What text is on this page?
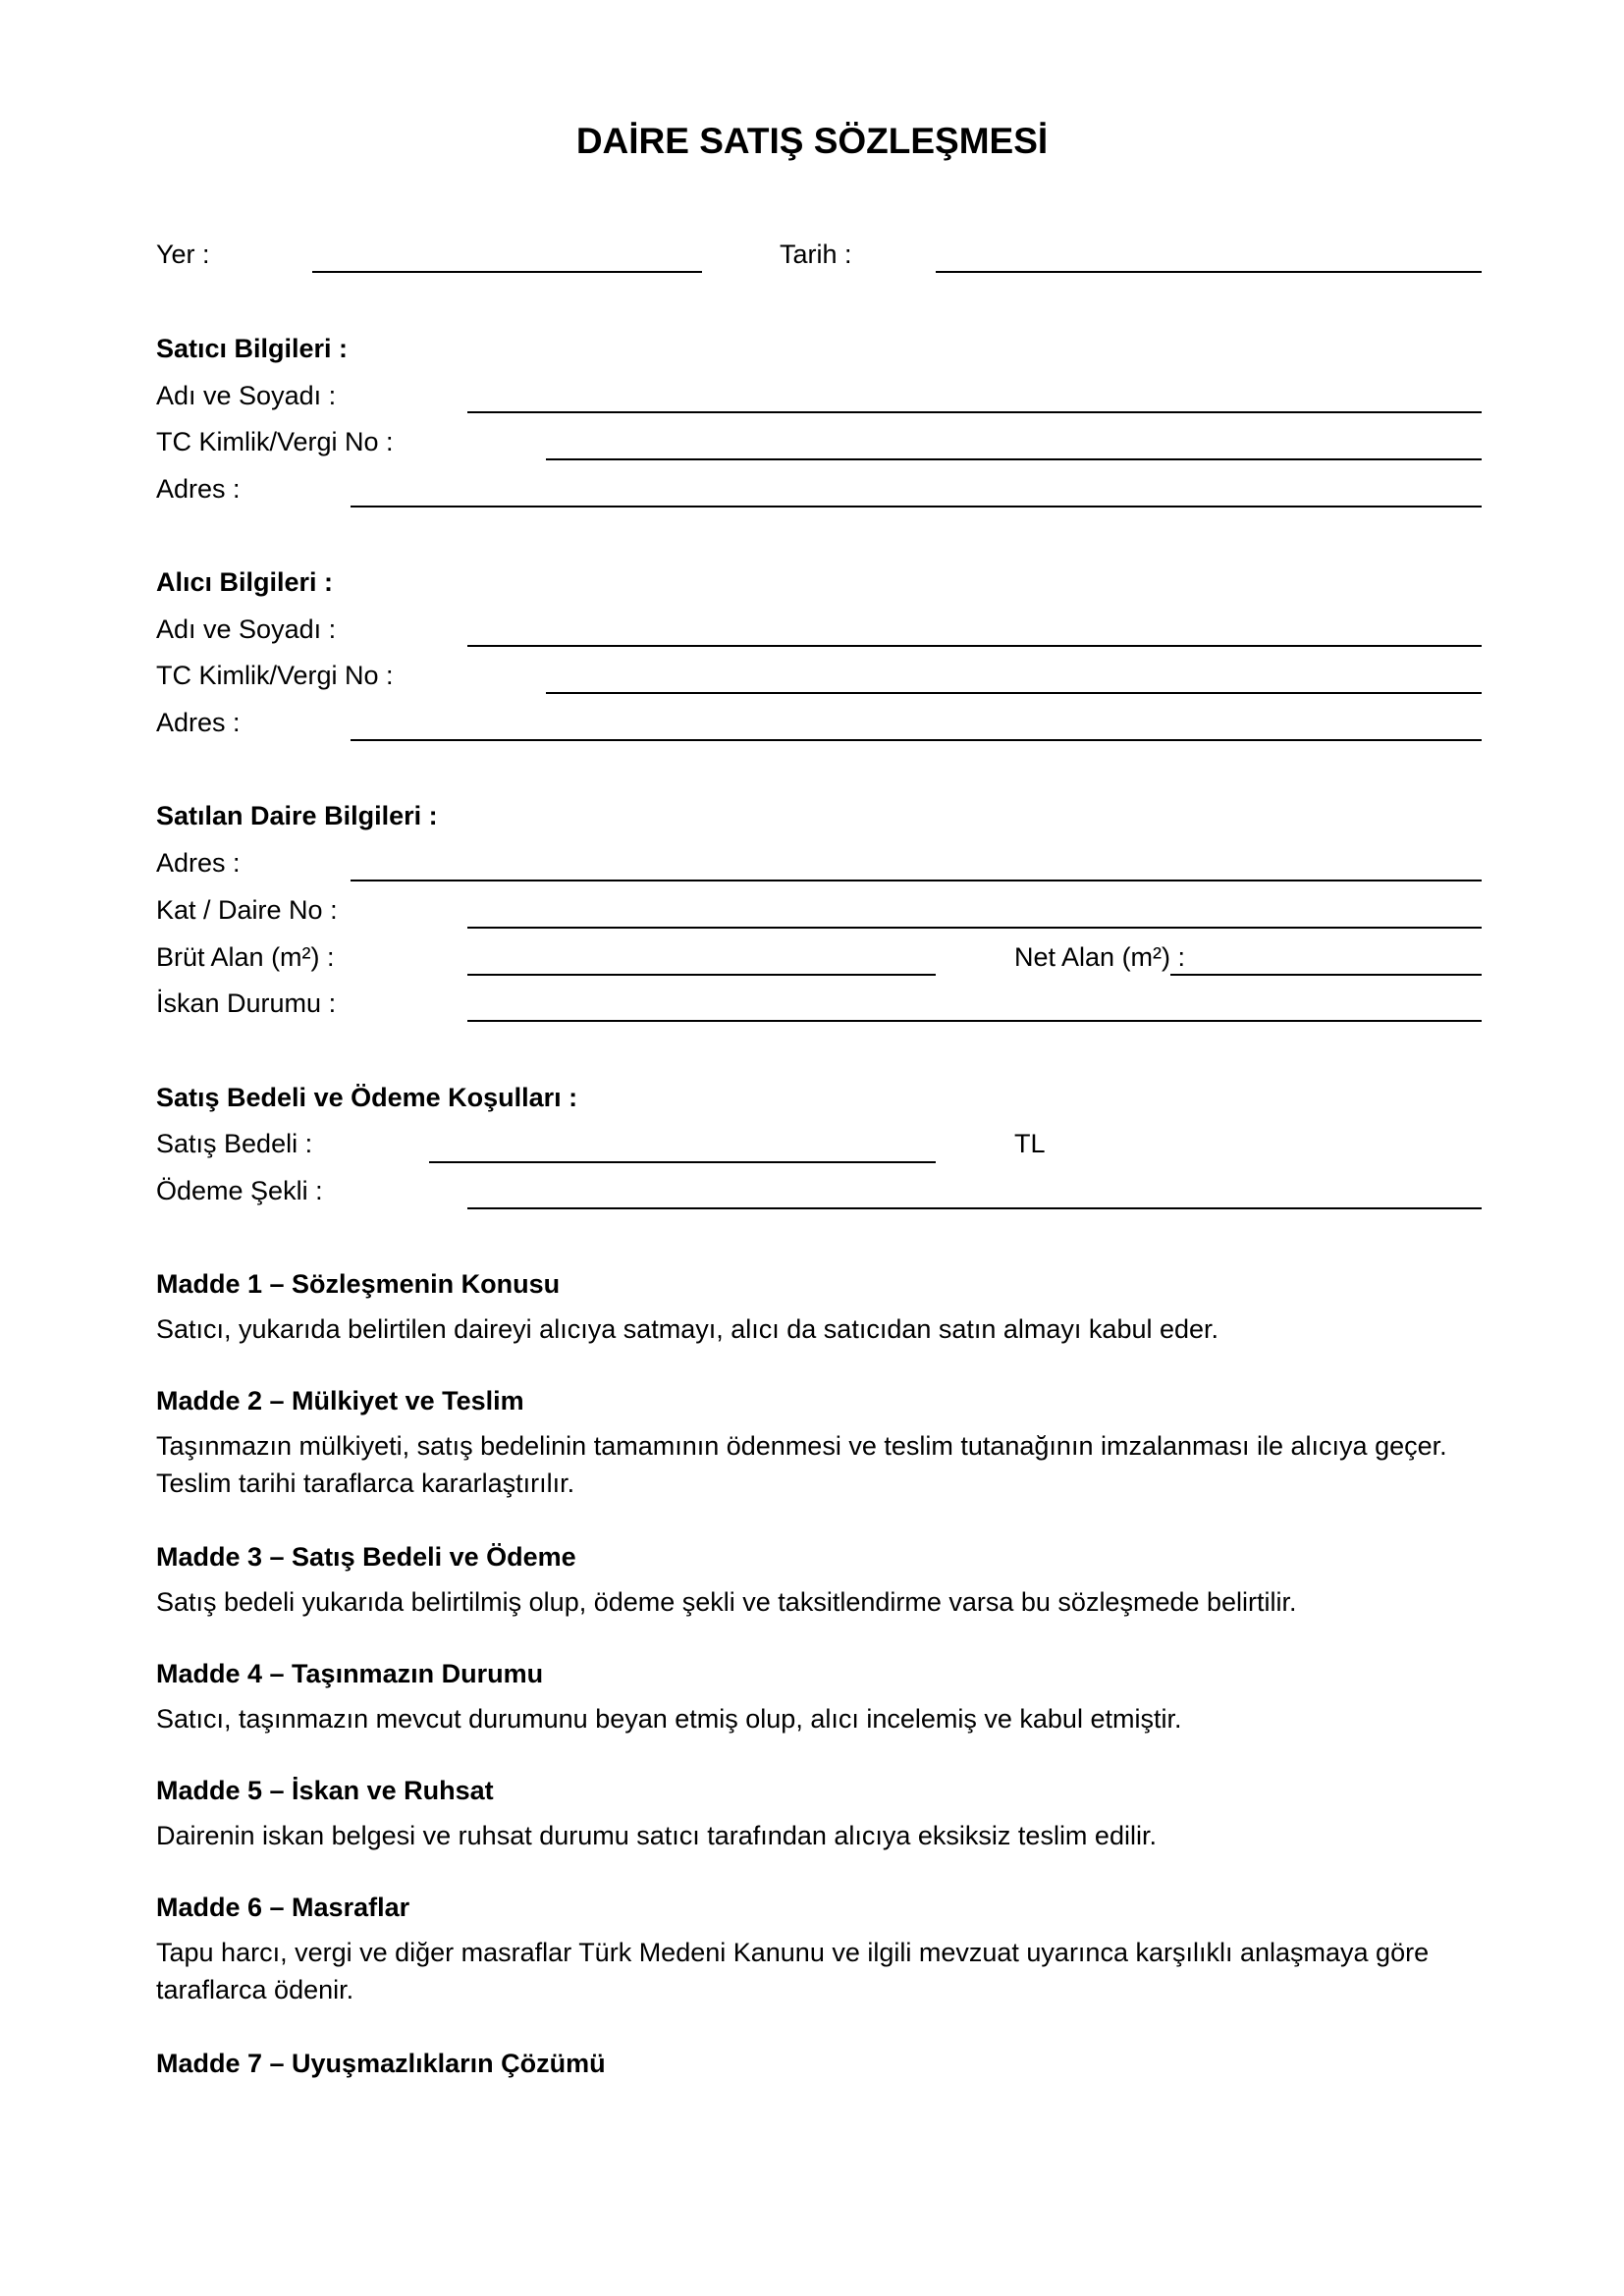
DAİRE SATIŞ SÖZLEŞMESİ
Yer :	Tarih :
Satıcı Bilgileri :
Adı ve Soyadı :
TC Kimlik/Vergi No :
Adres :
Alıcı Bilgileri :
Adı ve Soyadı :
TC Kimlik/Vergi No :
Adres :
Satılan Daire Bilgileri :
Adres :
Kat / Daire No :
Brüt Alan (m²) :	Net Alan (m²) :
İskan Durumu :
Satış Bedeli ve Ödeme Koşulları :
Satış Bedeli :	TL
Ödeme Şekli :
Madde 1 – Sözleşmenin Konusu
Satıcı, yukarıda belirtilen daireyi alıcıya satmayı, alıcı da satıcıdan satın almayı kabul eder.
Madde 2 – Mülkiyet ve Teslim
Taşınmazın mülkiyeti, satış bedelinin tamamının ödenmesi ve teslim tutanağının imzalanması ile alıcıya geçer. Teslim tarihi taraflarca kararlaştırılır.
Madde 3 – Satış Bedeli ve Ödeme
Satış bedeli yukarıda belirtilmiş olup, ödeme şekli ve taksitlendirme varsa bu sözleşmede belirtilir.
Madde 4 – Taşınmazın Durumu
Satıcı, taşınmazın mevcut durumunu beyan etmiş olup, alıcı incelemiş ve kabul etmiştir.
Madde 5 – İskan ve Ruhsat
Dairenin iskan belgesi ve ruhsat durumu satıcı tarafından alıcıya eksiksiz teslim edilir.
Madde 6 – Masraflar
Tapu harcı, vergi ve diğer masraflar Türk Medeni Kanunu ve ilgili mevzuat uyarınca karşılıklı anlaşmaya göre taraflarca ödenir.
Madde 7 – Uyuşmazlıkların Çözümü
